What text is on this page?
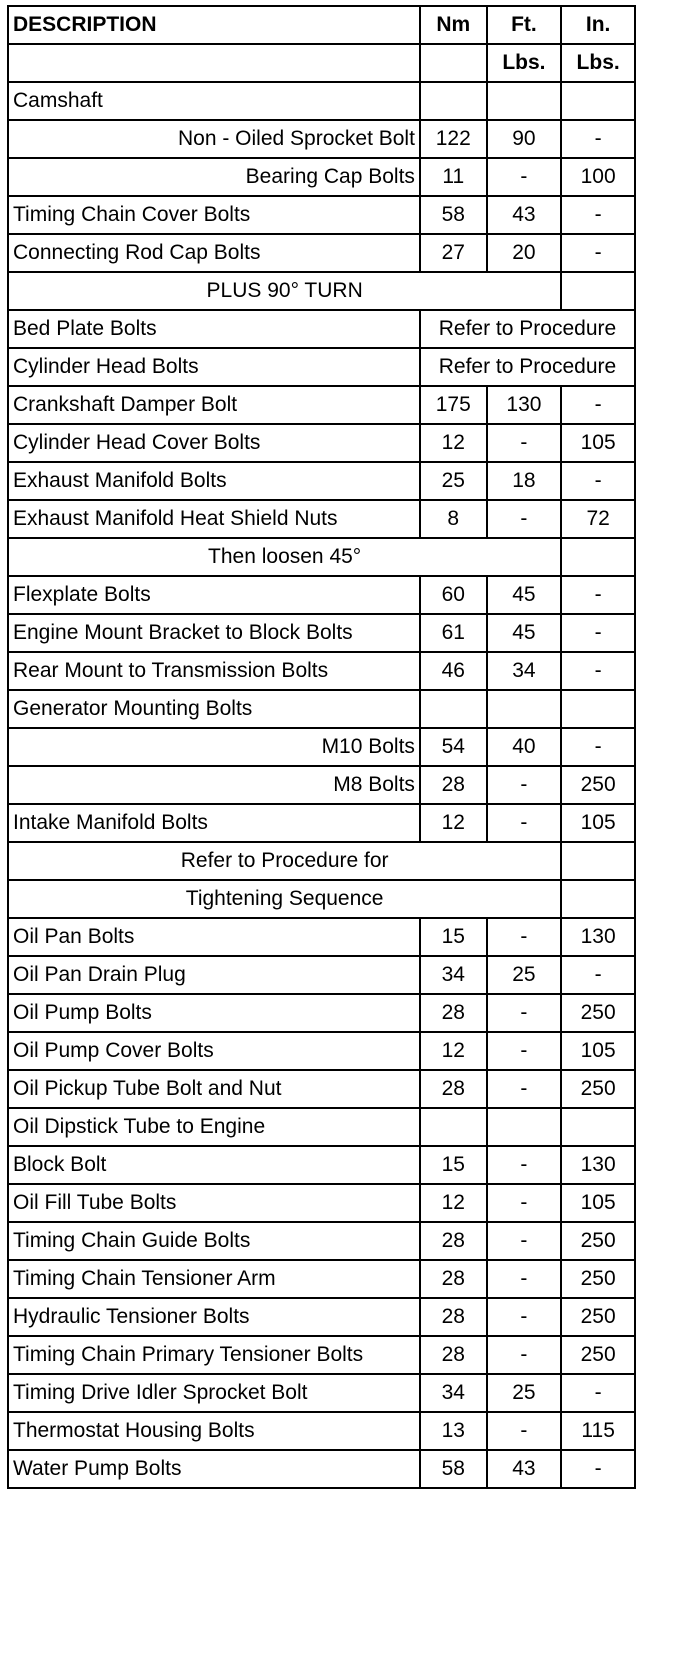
DESCRIPTION	Nm	Ft.	In.
		Lbs.	Lbs.
Camshaft			
Non - Oiled Sprocket Bolt	122	90	-
Bearing Cap Bolts	11	-	100
Timing Chain Cover Bolts	58	43	-
Connecting Rod Cap Bolts	27	20	-
PLUS 90° TURN			
Bed Plate Bolts	Refer to Procedure		
Cylinder Head Bolts	Refer to Procedure		
Crankshaft Damper Bolt	175	130	-
Cylinder Head Cover Bolts	12	-	105
Exhaust Manifold Bolts	25	18	-
Exhaust Manifold Heat Shield Nuts	8	-	72
Then loosen 45°			
Flexplate Bolts	60	45	-
Engine Mount Bracket to Block Bolts	61	45	-
Rear Mount to Transmission Bolts	46	34	-
Generator Mounting Bolts			
M10 Bolts	54	40	-
M8 Bolts	28	-	250
Intake Manifold Bolts	12	-	105
Refer to Procedure for			
Tightening Sequence			
Oil Pan Bolts	15	-	130
Oil Pan Drain Plug	34	25	-
Oil Pump Bolts	28	-	250
Oil Pump Cover Bolts	12	-	105
Oil Pickup Tube Bolt and Nut	28	-	250
Oil Dipstick Tube to Engine			
Block Bolt	15	-	130
Oil Fill Tube Bolts	12	-	105
Timing Chain Guide Bolts	28	-	250
Timing Chain Tensioner Arm	28	-	250
Hydraulic Tensioner Bolts	28	-	250
Timing Chain Primary Tensioner Bolts	28	-	250
Timing Drive Idler Sprocket Bolt	34	25	-
Thermostat Housing Bolts	13	-	115
Water Pump Bolts	58	43	-
